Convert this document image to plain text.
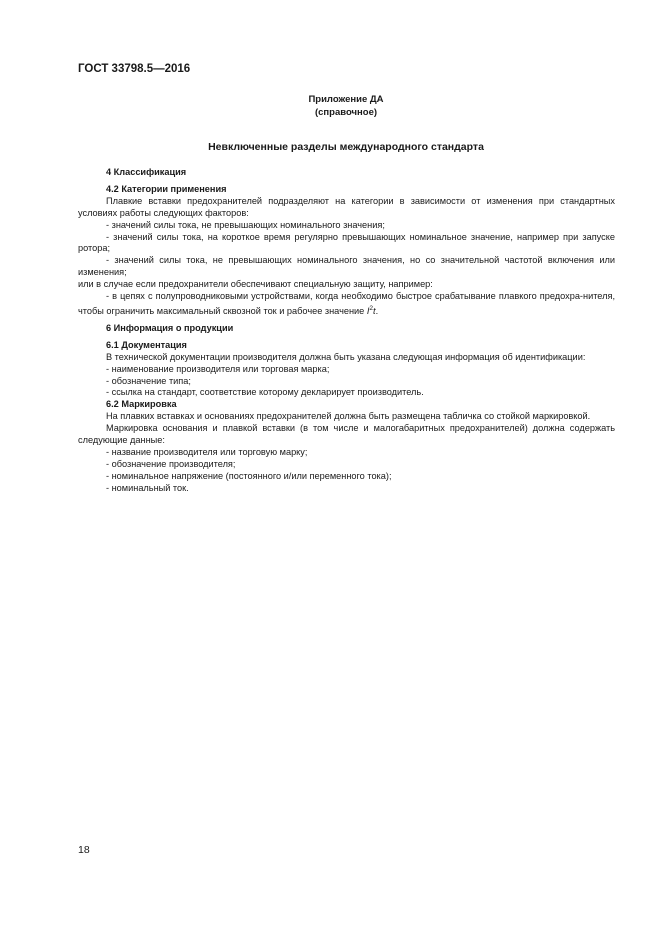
ГОСТ 33798.5—2016
Приложение ДА
(справочное)
Невключенные разделы международного стандарта

4 Классификация

4.2 Категории применения

Плавкие вставки предохранителей подразделяют на категории в зависимости от изменения при стандартных условиях работы следующих факторов:

- значений силы тока, не превышающих номинального значения;

- значений силы тока, на короткое время регулярно превышающих номинальное значение, например при запуске ротора;

- значений силы тока, не превышающих номинального значения, но со значительной частотой включения или изменения;

или в случае если предохранители обеспечивают специальную защиту, например:

- в цепях с полупроводниковыми устройствами, когда необходимо быстрое срабатывание плавкого предохра-нителя, чтобы ограничить максимальный сквозной ток и рабочее значение $I^2t$.

6 Информация о продукции

6.1 Документация

В технической документации производителя должна быть указана следующая информация об идентификации:

- наименование производителя или торговая марка;

- обозначение типа;

- ссылка на стандарт, соответствие которому декларирует производитель.

6.2 Маркировка

На плавких вставках и основаниях предохранителей должна быть размещена табличка со стойкой маркировкой.

Маркировка основания и плавкой вставки (в том числе и малогабаритных предохранителей) должна содержать следующие данные:

- название производителя или торговую марку;

- обозначение производителя;

- номинальное напряжение (постоянного и/или переменного тока);

- номинальный ток.

18
